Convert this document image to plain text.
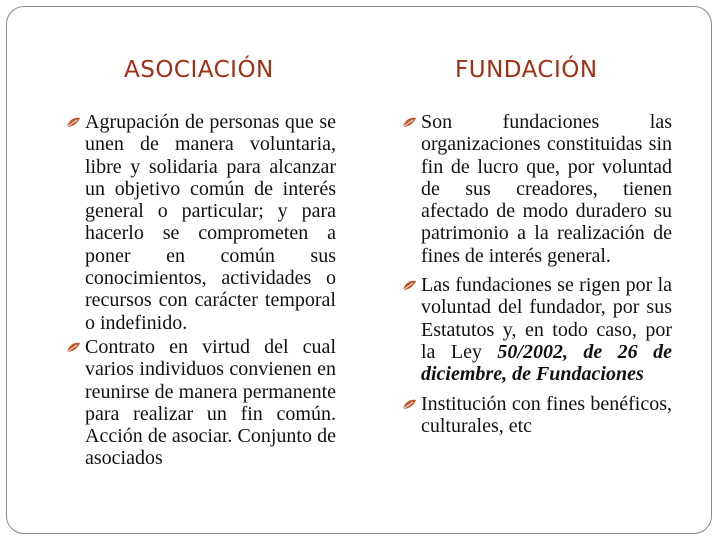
ASOCIACIÓN	FUNDACIÓN
Agrupación de personas que se unen de manera voluntaria, libre y solidaria para alcanzar un objetivo común de interés general o particular; y para hacerlo se comprometen a poner en común sus conocimientos, actividades o recursos con carácter temporal o indefinido.
Contrato en virtud del cual varios individuos convienen en reunirse de manera permanente para realizar un fin común. Acción de asociar. Conjunto de asociados
Son fundaciones las organizaciones constituidas sin fin de lucro que, por voluntad de sus creadores, tienen afectado de modo duradero su patrimonio a la realización de fines de interés general.
Las fundaciones se rigen por la voluntad del fundador, por sus Estatutos y, en todo caso, por la Ley 50/2002, de 26 de diciembre, de Fundaciones
Institución con fines benéficos, culturales, etc
